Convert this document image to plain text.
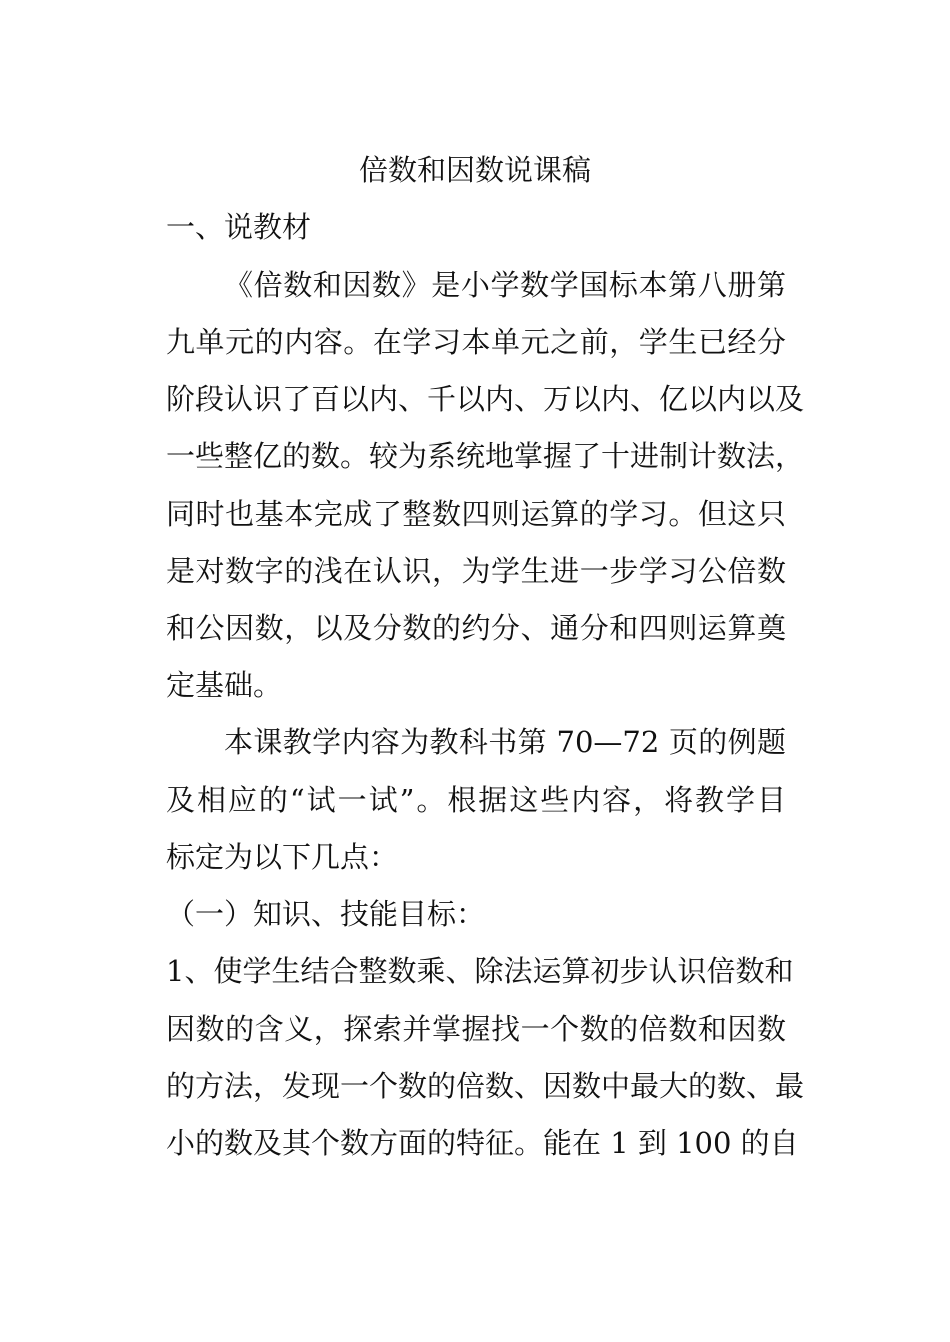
倍数和因数说课稿
一、说教材
《倍数和因数》是小学数学国标本第八册第
九单元的内容。在学习本单元之前，学生已经分
阶段认识了百以内、千以内、万以内、亿以内以及
一些整亿的数。较为系统地掌握了十进制计数法，
同时也基本完成了整数四则运算的学习。但这只
是对数字的浅在认识，为学生进一步学习公倍数
和公因数，以及分数的约分、通分和四则运算奠
定基础。
本课教学内容为教科书第 70—72 页的例题
及相应的“试一试”。根据这些内容，将教学目
标定为以下几点：
（一）知识、技能目标：
1、使学生结合整数乘、除法运算初步认识倍数和
因数的含义，探索并掌握找一个数的倍数和因数
的方法，发现一个数的倍数、因数中最大的数、最
小的数及其个数方面的特征。能在 1 到 100 的自
